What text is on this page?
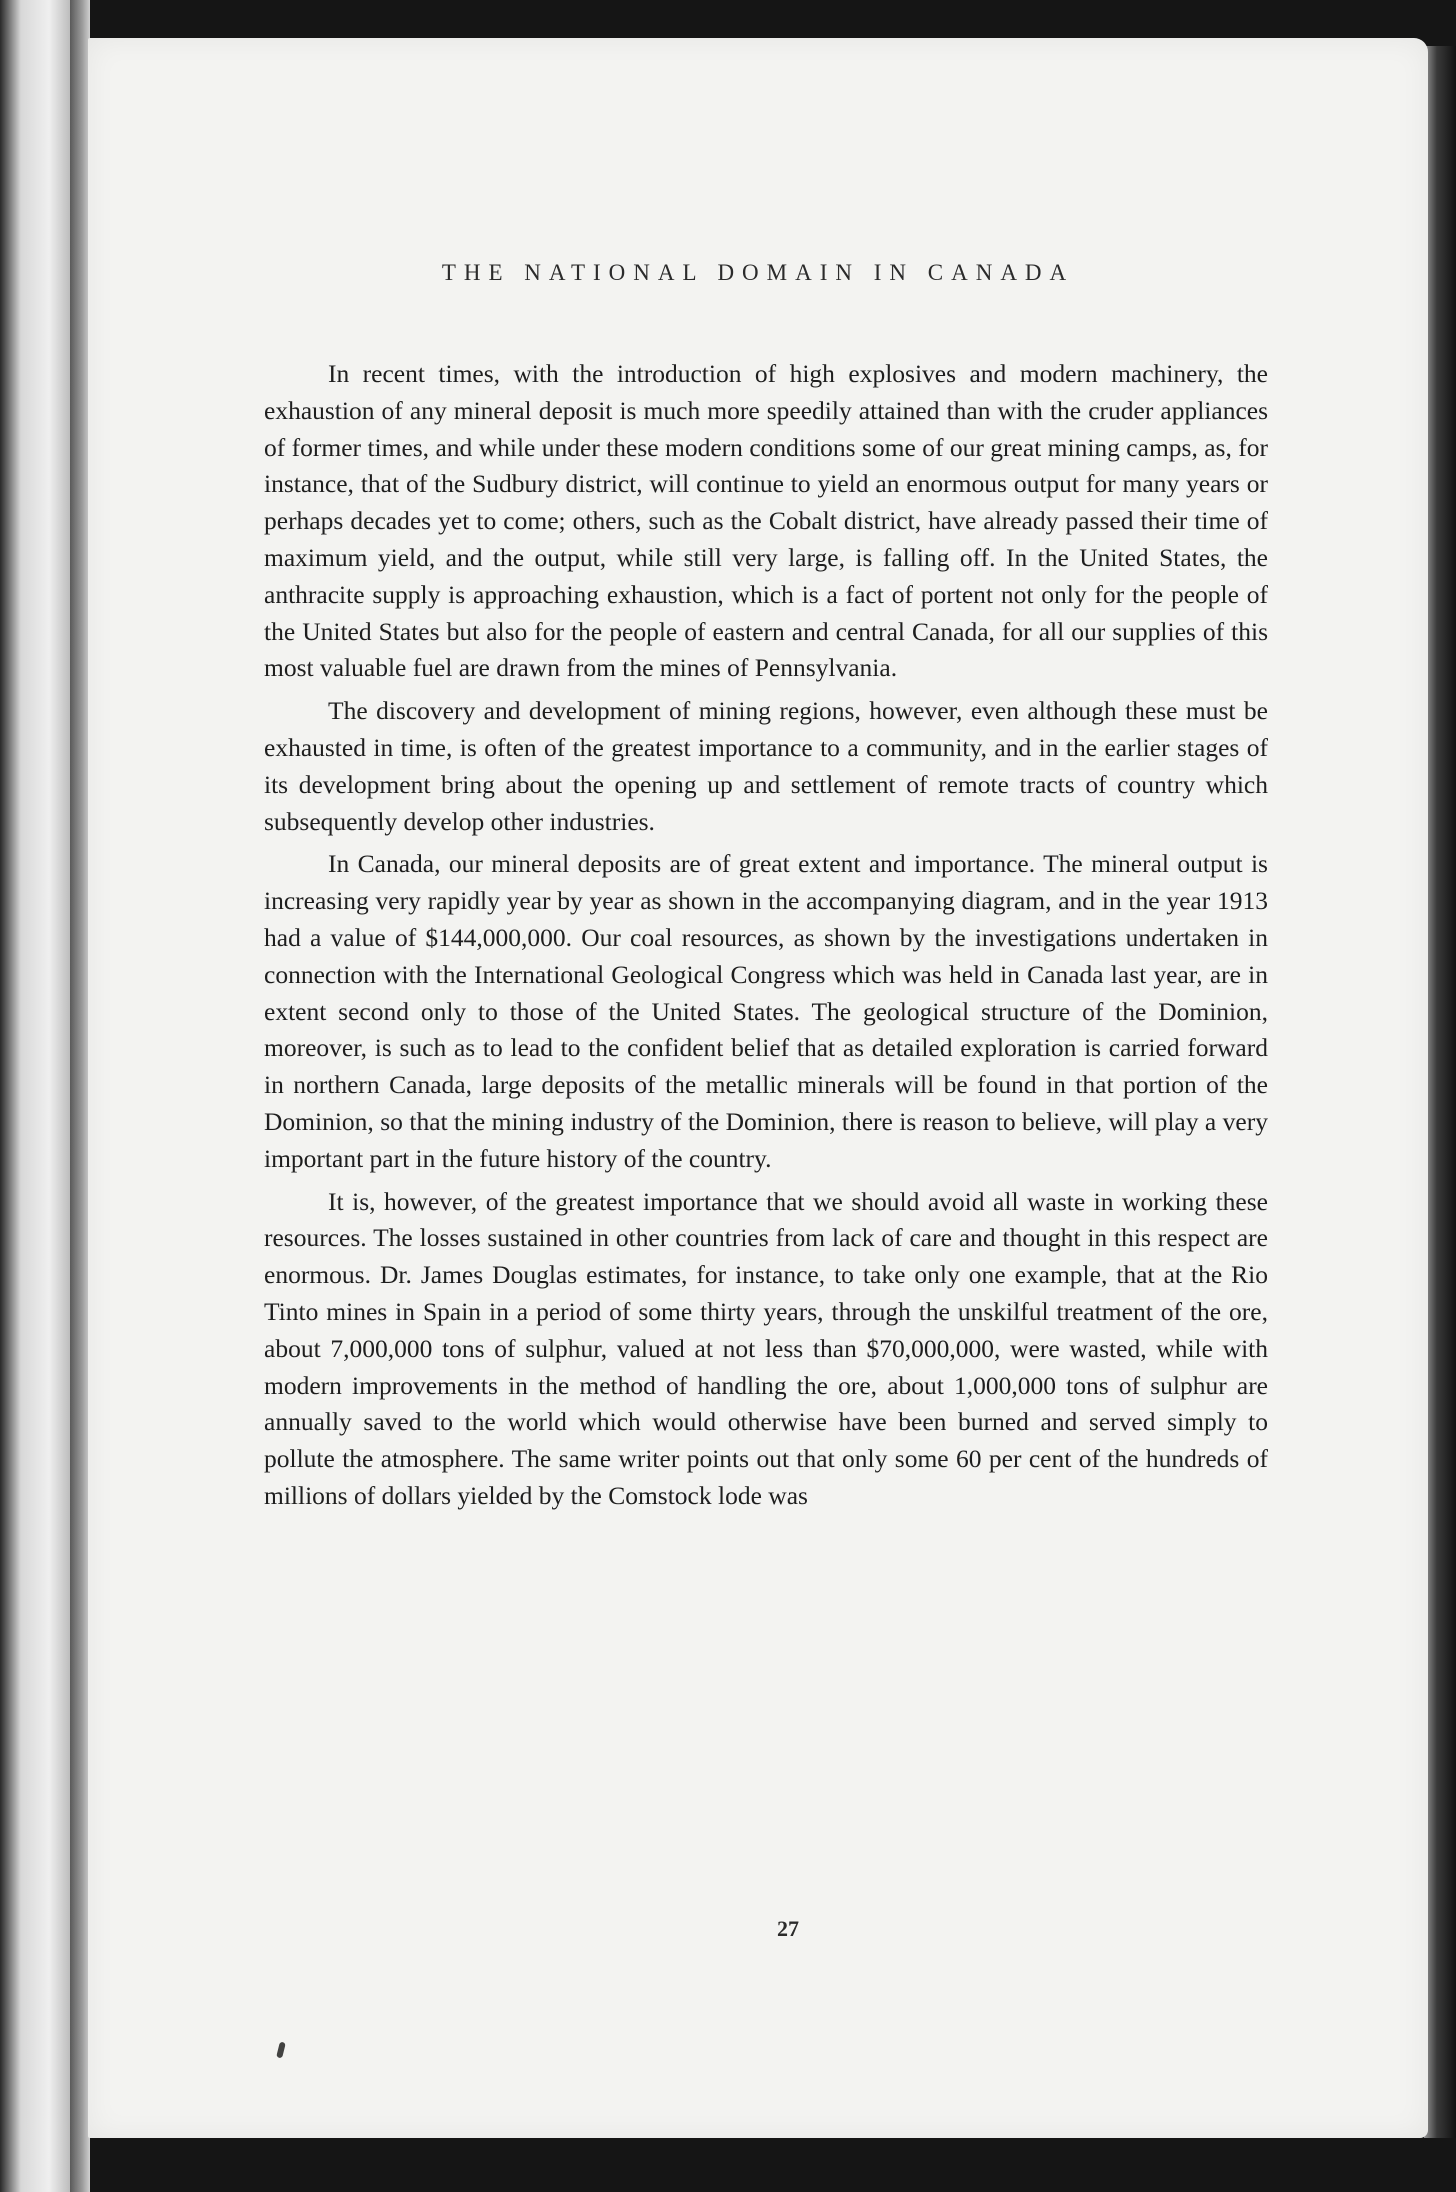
THE NATIONAL DOMAIN IN CANADA

In recent times, with the introduction of high explosives and modern machinery, the exhaustion of any mineral deposit is much more speedily attained than with the cruder appliances of former times, and while under these modern conditions some of our great mining camps, as, for instance, that of the Sudbury district, will continue to yield an enormous output for many years or perhaps decades yet to come; others, such as the Cobalt district, have already passed their time of maximum yield, and the output, while still very large, is falling off. In the United States, the anthracite supply is approaching exhaustion, which is a fact of portent not only for the people of the United States but also for the people of eastern and central Canada, for all our supplies of this most valuable fuel are drawn from the mines of Pennsylvania.

The discovery and development of mining regions, however, even although these must be exhausted in time, is often of the greatest importance to a community, and in the earlier stages of its development bring about the opening up and settlement of remote tracts of country which subsequently develop other industries.

In Canada, our mineral deposits are of great extent and importance. The mineral output is increasing very rapidly year by year as shown in the accompanying diagram, and in the year 1913 had a value of $144,000,000. Our coal resources, as shown by the investigations undertaken in connection with the International Geological Congress which was held in Canada last year, are in extent second only to those of the United States. The geological structure of the Dominion, moreover, is such as to lead to the confident belief that as detailed exploration is carried forward in northern Canada, large deposits of the metallic minerals will be found in that portion of the Dominion, so that the mining industry of the Dominion, there is reason to believe, will play a very important part in the future history of the country.

It is, however, of the greatest importance that we should avoid all waste in working these resources. The losses sustained in other countries from lack of care and thought in this respect are enormous. Dr. James Douglas estimates, for instance, to take only one example, that at the Rio Tinto mines in Spain in a period of some thirty years, through the unskilful treatment of the ore, about 7,000,000 tons of sulphur, valued at not less than $70,000,000, were wasted, while with modern improvements in the method of handling the ore, about 1,000,000 tons of sulphur are annually saved to the world which would otherwise have been burned and served simply to pollute the atmosphere. The same writer points out that only some 60 per cent of the hundreds of millions of dollars yielded by the Comstock lode was

27
